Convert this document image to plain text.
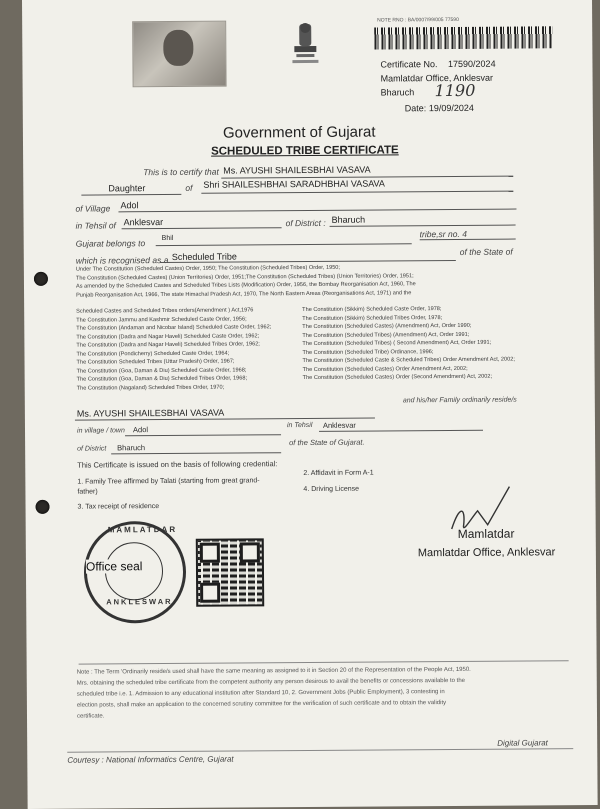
NOTE RNO : BA/0007/99/005 77590
Certificate No. 17590/2024
Mamlatdar Office, Anklesvar
Bharuch 1190
Date: 19/09/2024
Government of Gujarat
SCHEDULED TRIBE CERTIFICATE
This is to certify that Ms. AYUSHI SHAILESBHAI VASAVA
Daughter	of Shri SHAILESHBHAI SARADHBHAI VASAVA
of Village Adol
in Tehsil of Anklesvar	of District : Bharuch
Gujarat belongs to Bhil	tribe,sr no. 4
which is recognised as a Scheduled Tribe	of the State of
Under The Constitution (Scheduled Castes) Order, 1950; The Constitution (Scheduled Tribes) Order, 1950;
The Constitution (Scheduled Castes) (Union Territories) Order, 1951;The Constitution (Scheduled Tribes) (Union Territories) Order, 1951;
As amended by the Scheduled Castes and Scheduled Tribes Lists (Modification) Order, 1956, the Bombay Reorganisation Act, 1960, The
Punjab Reorganisation Act, 1966, The state Himachal Pradesh Act, 1970, The North Eastern Areas (Reorganisations Act, 1971) and the
Scheduled Castes and Scheduled Tribes orders(Amendment ) Act,1976
The Constitution Jammu and Kashmir Scheduled Caste Order, 1956;
The Constitution (Andaman and Nicobar Island) Scheduled Caste Order, 1962;
The Constitution (Dadra and Nagar Haveli) Scheduled Caste Order, 1962;
The Constitution (Dadra and Nagar Haveli) Scheduled Tribes Order, 1962;
The Constitution (Pondicherry) Scheduled Caste Order, 1964;
The Constitution Scheduled Tribes (Uttar Pradesh) Order, 1967;
The Constitution (Goa, Daman & Diu) Scheduled Caste Order, 1968;
The Constitution (Goa, Daman & Diu) Scheduled Tribes Order, 1968;
The Constitution (Nagaland) Scheduled Tribes Order, 1970;
The Constitution (Sikkim) Scheduled Caste Order, 1978;
The Constitution (Sikkim) Scheduled Tribes Order, 1978;
The Constitution (Scheduled Castes) (Amendment) Act, Order 1990;
The Constitution (Scheduled Tribes) (Amendment) Act, Order 1991;
The Constitution (Scheduled Tribes) ( Second Amendment) Act, Order 1991;
The Constitution (Scheduled Tribe) Ordinance, 1996;
The Constitution (Scheduled Caste & Scheduled Tribes) Order Amendment Act, 2002;
The Constitution (Scheduled Castes) Order Amendment Act, 2002;
The Constitution (Scheduled Castes) Order (Second Amendment) Act, 2002;
and his/her Family ordinarily reside/s
Ms. AYUSHI SHAILESBHAI VASAVA
in village / town Adol	in Tehsil Anklesvar
of District Bharuch
of the State of Gujarat.
This Certificate is issued on the basis of following credential:
1. Family Tree affirmed by Talati (starting from great grand-father)
2. Affidavit in Form A-1
3. Tax receipt of residence
4. Driving License
MAMLATDAR
Office seal
ANKLESWAR
Mamlatdar
Mamlatdar Office, Anklesvar
Note : The Term 'Ordinarily reside/s used shall have the same meaning as assigned to it in Section 20 of the Representation of the People Act, 1950.
Mrs. obtaining the scheduled tribe certificate from the competent authority any person desirous to avail the benefits or concessions available to the
scheduled tribe i.e. 1. Admission to any educational institution after Standard 10, 2. Government Jobs (Public Employment), 3 contesting in
election posts, shall make an application to the concerned scrutiny committee for the verification of such certificate and to obtain the validity
certificate.
Courtesy : National Informatics Centre, Gujarat
Digital Gujarat
